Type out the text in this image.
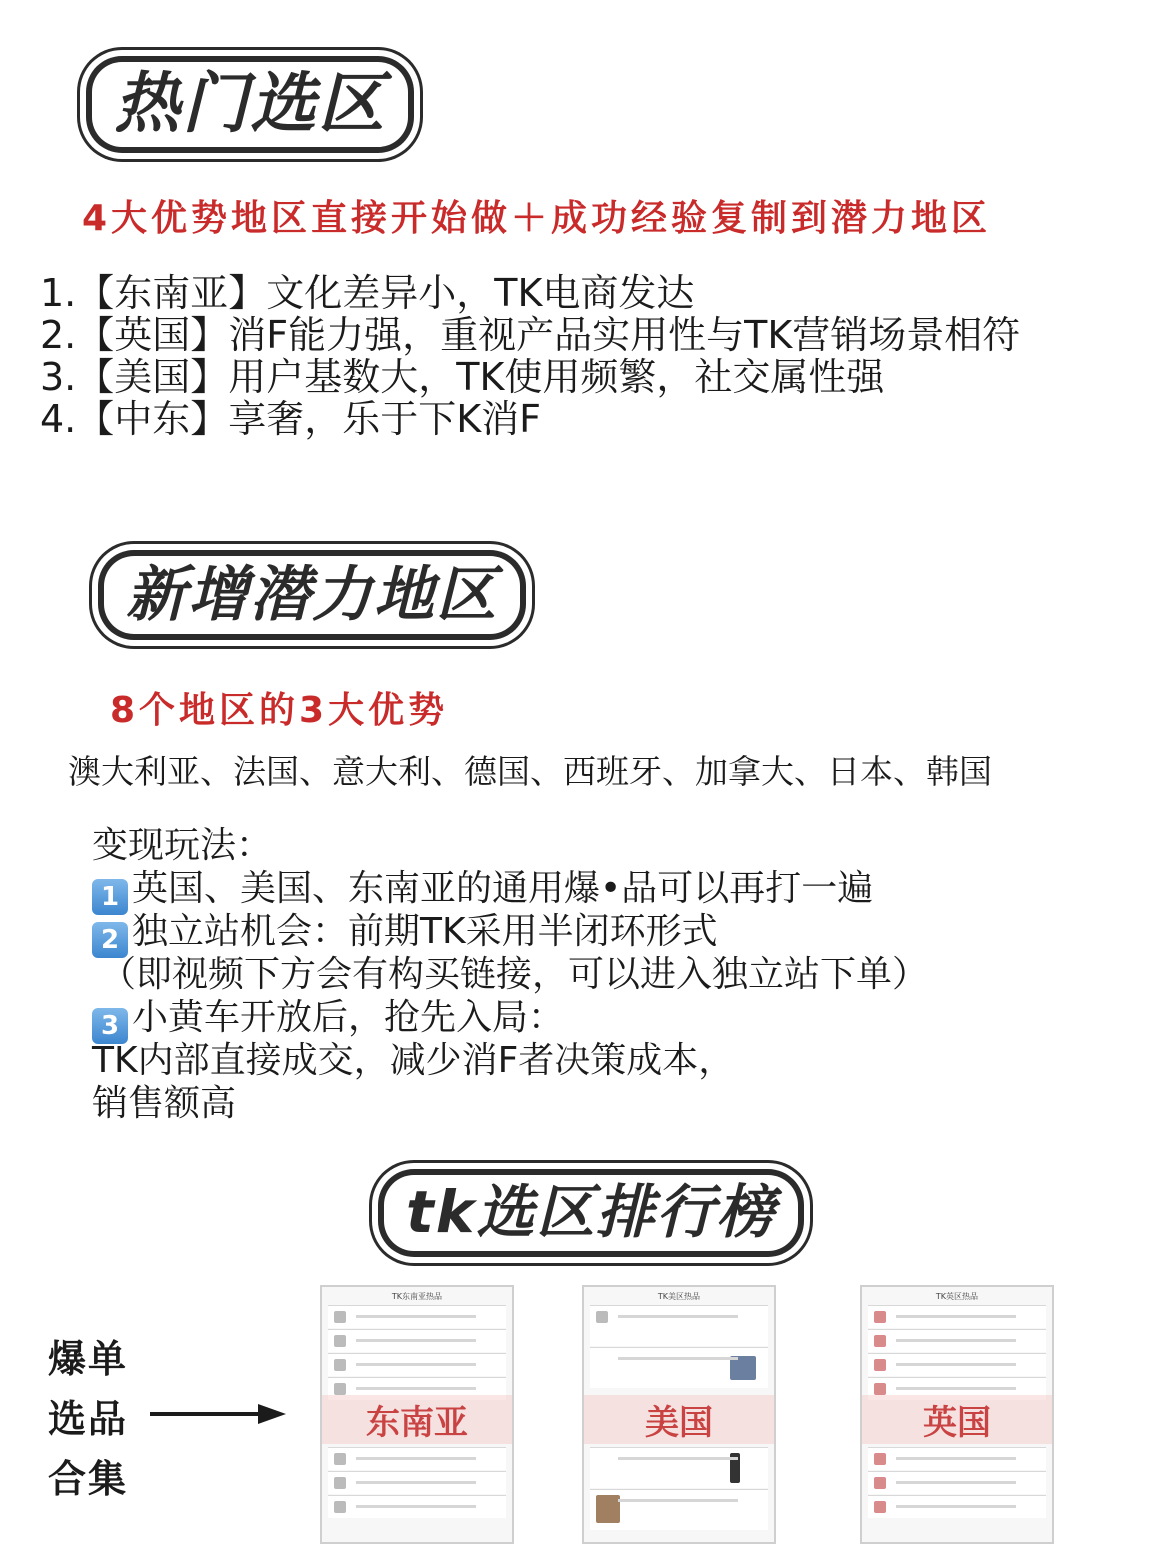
热门选区
4大优势地区直接开始做＋成功经验复制到潜力地区
1.【东南亚】文化差异小，TK电商发达
2.【英国】消F能力强，重视产品实用性与TK营销场景相符
3.【美国】用户基数大，TK使用频繁，社交属性强
4.【中东】享奢，乐于下K消F
新增潜力地区
8个地区的3大优势
澳大利亚、法国、意大利、德国、西班牙、加拿大、日本、韩国
变现玩法：
1 英国、美国、东南亚的通用爆•品可以再打一遍
2 独立站机会：前期TK采用半闭环形式
（即视频下方会有构买链接，可以进入独立站下单）
3 小黄车开放后，抢先入局：
TK内部直接成交，减少消F者决策成本，
销售额高
tk选区排行榜
爆单
选品
合集
TK东南亚热品
东南亚
TK美区热品
美国
TK英区热品
英国
